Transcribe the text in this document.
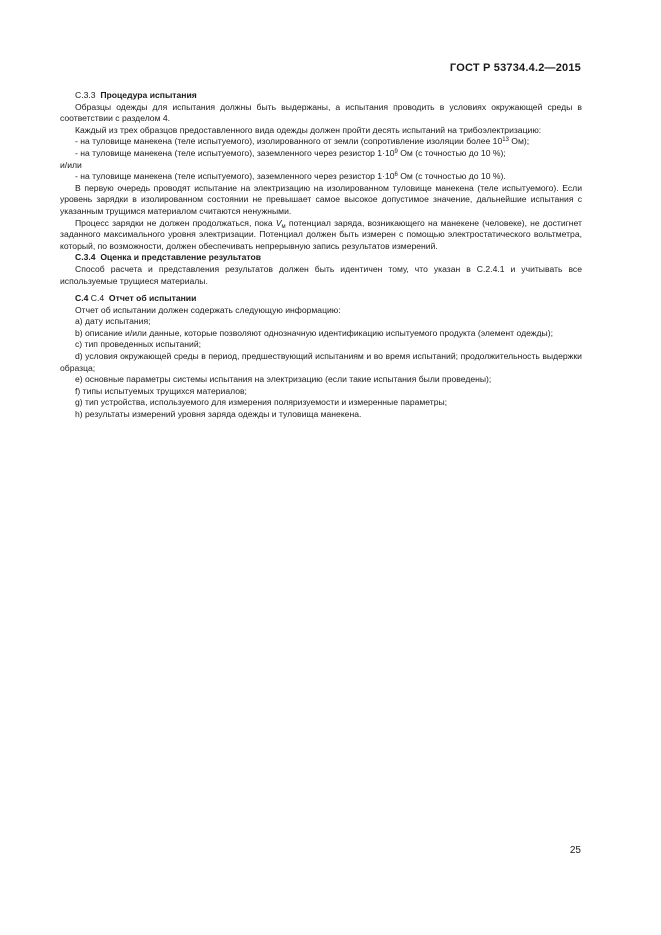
ГОСТ Р 53734.4.2—2015

С.3.3 Процедура испытания

Образцы одежды для испытания должны быть выдержаны, а испытания проводить в условиях окружающей среды в соответствии с разделом 4.

Каждый из трех образцов предоставленного вида одежды должен пройти десять испытаний на трибоэлектризацию:

- на туловище манекена (теле испытуемого), изолированного от земли (сопротивление изоляции более $10^{13}$ Ом);

- на туловище манекена (теле испытуемого), заземленного через резистор $1\cdot 10^9$ Ом (с точностью до 10 %);

и/или

- на туловище манекена (теле испытуемого), заземленного через резистор $1\cdot 10^6$ Ом (с точностью до 10 %).

В первую очередь проводят испытание на электризацию на изолированном туловище манекена (теле испытуемого). Если уровень зарядки в изолированном состоянии не превышает самое высокое допустимое значение, дальнейшие испытания с указанным трущимся материалом считаются ненужными.

Процесс зарядки не должен продолжаться, пока $V_м$ потенциал заряда, возникающего на манекене (человеке), не достигнет заданного максимального уровня электризации. Потенциал должен быть измерен с помощью электростатического вольтметра, который, по возможности, должен обеспечивать непрерывную запись результатов измерений.

С.3.4 Оценка и представление результатов

Способ расчета и представления результатов должен быть идентичен тому, что указан в С.2.4.1 и учитывать все используемые трущиеся материалы.

С.4 С.4 Отчет об испытании

Отчет об испытании должен содержать следующую информацию:

a) дату испытания;

b) описание и/или данные, которые позволяют однозначную идентификацию испытуемого продукта (элемент одежды);

c) тип проведенных испытаний;

d) условия окружающей среды в период, предшествующий испытаниям и во время испытаний; продолжительность выдержки образца;

e) основные параметры системы испытания на электризацию (если такие испытания были проведены);

f) типы испытуемых трущихся материалов;

g) тип устройства, используемого для измерения поляризуемости и измеренные параметры;

h) результаты измерений уровня заряда одежды и туловища манекена.

25
